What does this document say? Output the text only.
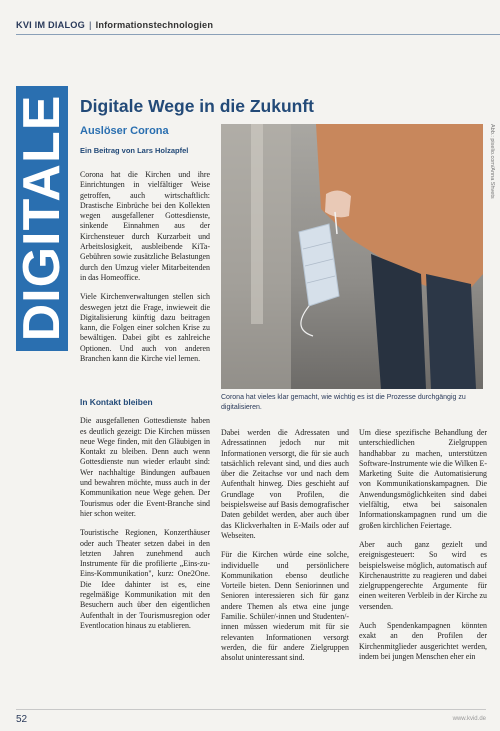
KVI IM DIALOG | Informationstechnologien
DIGITALE Digitale Wege in die Zukunft
Auslöser Corona
Ein Beitrag von Lars Holzapfel	Abb.: pixelio.com/Anna Shvets
Corona hat vieles klar gemacht, wie wichtig es ist die Prozesse durchgängig zu digitalisieren.

Corona hat die Kirchen und ihre Einrichtungen in vielfältiger Weise getroffen, auch wirtschaftlich: Drastische Einbrüche bei den Kollekten wegen ausgefallener Gottesdienste, sinkende Einnahmen aus der Kirchensteuer durch Kurzarbeit und Arbeitslosigkeit, ausbleibende KiTa-Gebühren sowie zusätzliche Belastungen durch den Umzug vieler Mitarbeitenden in das Homeoffice.

Viele Kirchenverwaltungen stellen sich deswegen jetzt die Frage, inwieweit die Digitalisierung künftig dazu beitragen kann, die Folgen einer solchen Krise zu bewältigen. Dabei gibt es zahlreiche Optionen. Und auch von anderen Branchen kann die Kirche viel lernen.

In Kontakt bleiben

Die ausgefallenen Gottesdienste haben es deutlich gezeigt: Die Kirchen müssen neue Wege finden, mit den Gläubigen in Kontakt zu bleiben. Denn auch wenn Gottesdienste nun wieder erlaubt sind: Wer nachhaltige Bindungen aufbauen und bewahren möchte, muss auch in der Kommunikation neue Wege gehen. Der Tourismus oder die Event-Branche sind hier schon weiter.

Touristische Regionen, Konzerthäuser oder auch Theater setzen dabei in den letzten Jahren zunehmend auch Instrumente für die profilierte „Eins-zu-Eins-Kommunikation", kurz: One2One. Die Idee dahinter ist es, eine regelmäßige Kommunikation mit den Besuchern auch über den eigentlichen Aufenthalt in der Tourismusregion oder Eventlocation hinaus zu etablieren.

Dabei werden die Adressaten und Adressatinnen jedoch nur mit Informationen versorgt, die für sie auch tatsächlich relevant sind, und dies auch über die Zeitachse vor und nach dem Aufenthalt hinweg. Dies geschieht auf Grundlage von Profilen, die beispielsweise auf Basis demografischer Daten gebildet werden, aber auch über das Klickverhalten in E-Mails oder auf Webseiten.

Für die Kirchen würde eine solche, individuelle und persönlichere Kommunikation ebenso deutliche Vorteile bieten. Denn Seniorinnen und Senioren interessieren sich für ganz andere Themen als etwa eine junge Familie. Schüler/-innen und Studenten/-innen müssen wiederum mit für sie relevanten Informationen versorgt werden, die für andere Zielgruppen absolut uninteressant sind.

Um diese spezifische Behandlung der unterschiedlichen Zielgruppen handhabbar zu machen, unterstützen Software-Instrumente wie die Wilken E-Marketing Suite die Automatisierung von Kommunikationskampagnen. Die Anwendungsmöglichkeiten sind dabei vielfältig, etwa bei saisonalen Informationskampagnen rund um die großen kirchlichen Feiertage.

Aber auch ganz gezielt und ereignisgesteuert: So wird es beispielsweise möglich, automatisch auf Kirchenaustritte zu reagieren und dabei zielgruppengerechte Argumente für einen weiteren Verbleib in der Kirche zu versenden.

Auch Spendenkampagnen könnten exakt an den Profilen der Kirchenmitglieder ausgerichtet werden, indem bei jungen Menschen eher ein

52	www.kvid.de
